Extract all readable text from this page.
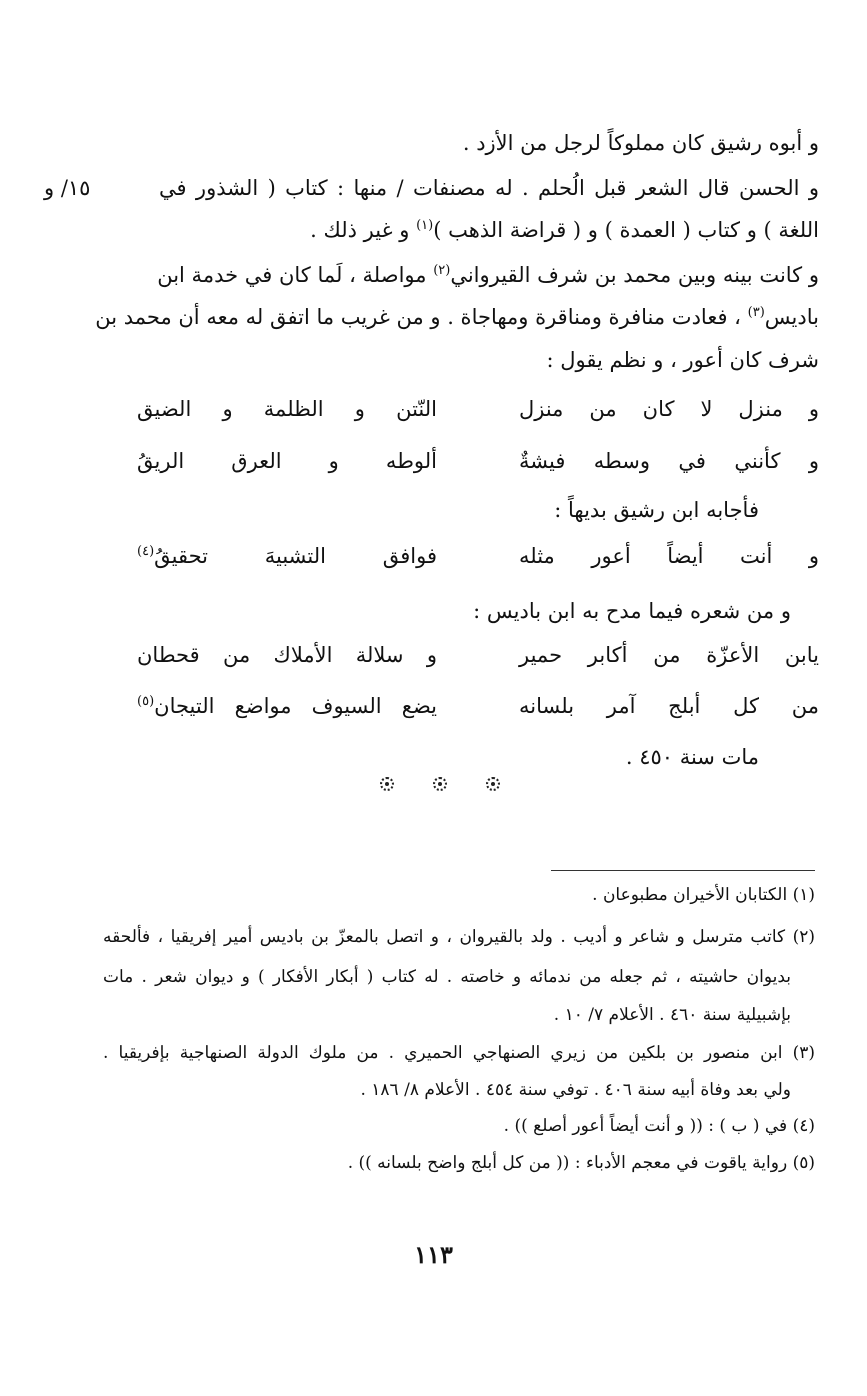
و أبوه رشيق كان مملوكاً لرجل من الأزد .
و الحسن قال الشعر قبل الُحلم . له مصنفات / منها : كتاب ( الشذور في
١٥/ و
اللغة ) و كتاب ( العمدة ) و ( قراضة الذهب )$^{(١)}$ و غير ذلك .
و كانت بينه وبين محمد بن شرف القيرواني$^{(٢)}$ مواصلة ، لَما كان في خدمة ابن
باديس$^{(٣)}$ ، فعادت منافرة ومناقرة ومهاجاة . و من غريب ما اتفق له معه أن محمد بن
شرف كان أعور ، و نظم يقول :
و منزل لا كان من منزل
النّتن و الظلمة و الضيق
و كأنني في وسطه فيشةٌ
ألوطه و العرق الريقُ
فأجابه ابن رشيق بديهاً :
و أنت أيضاً أعور مثله
فوافق التشبيهَ تحقيقُ$^{(٤)}$
و من شعره فيما مدح به ابن باديس :
يابن الأعزّة من أكابر حمير
و سلالة الأملاك من قحطان
من كل أبلج آمر بلسانه
يضع السيوف مواضع التيجان$^{(٥)}$
مات سنة ٤٥٠ .
(١) الكتابان الأخيران مطبوعان .
(٢) كاتب مترسل و شاعر و أديب . ولد بالقيروان ، و اتصل بالمعزّ بن باديس أمير إفريقيا ، فألحقه
بديوان حاشيته ، ثم جعله من ندمائه و خاصته . له كتاب ( أبكار الأفكار ) و ديوان شعر . مات
بإشبيلية سنة ٤٦٠ . الأعلام ٧/ ١٠ .
(٣) ابن منصور بن بلكين من زيري الصنهاجي الحميري . من ملوك الدولة الصنهاجية بإفريقيا .
ولي بعد وفاة أبيه سنة ٤٠٦ . توفي سنة ٤٥٤ . الأعلام ٨/ ١٨٦ .
(٤) في ( ب ) : (( و أنت أيضاً أعور أصلع )) .
(٥) رواية ياقوت في معجم الأدباء : (( من كل أبلج واضح بلسانه )) .
١١٣
